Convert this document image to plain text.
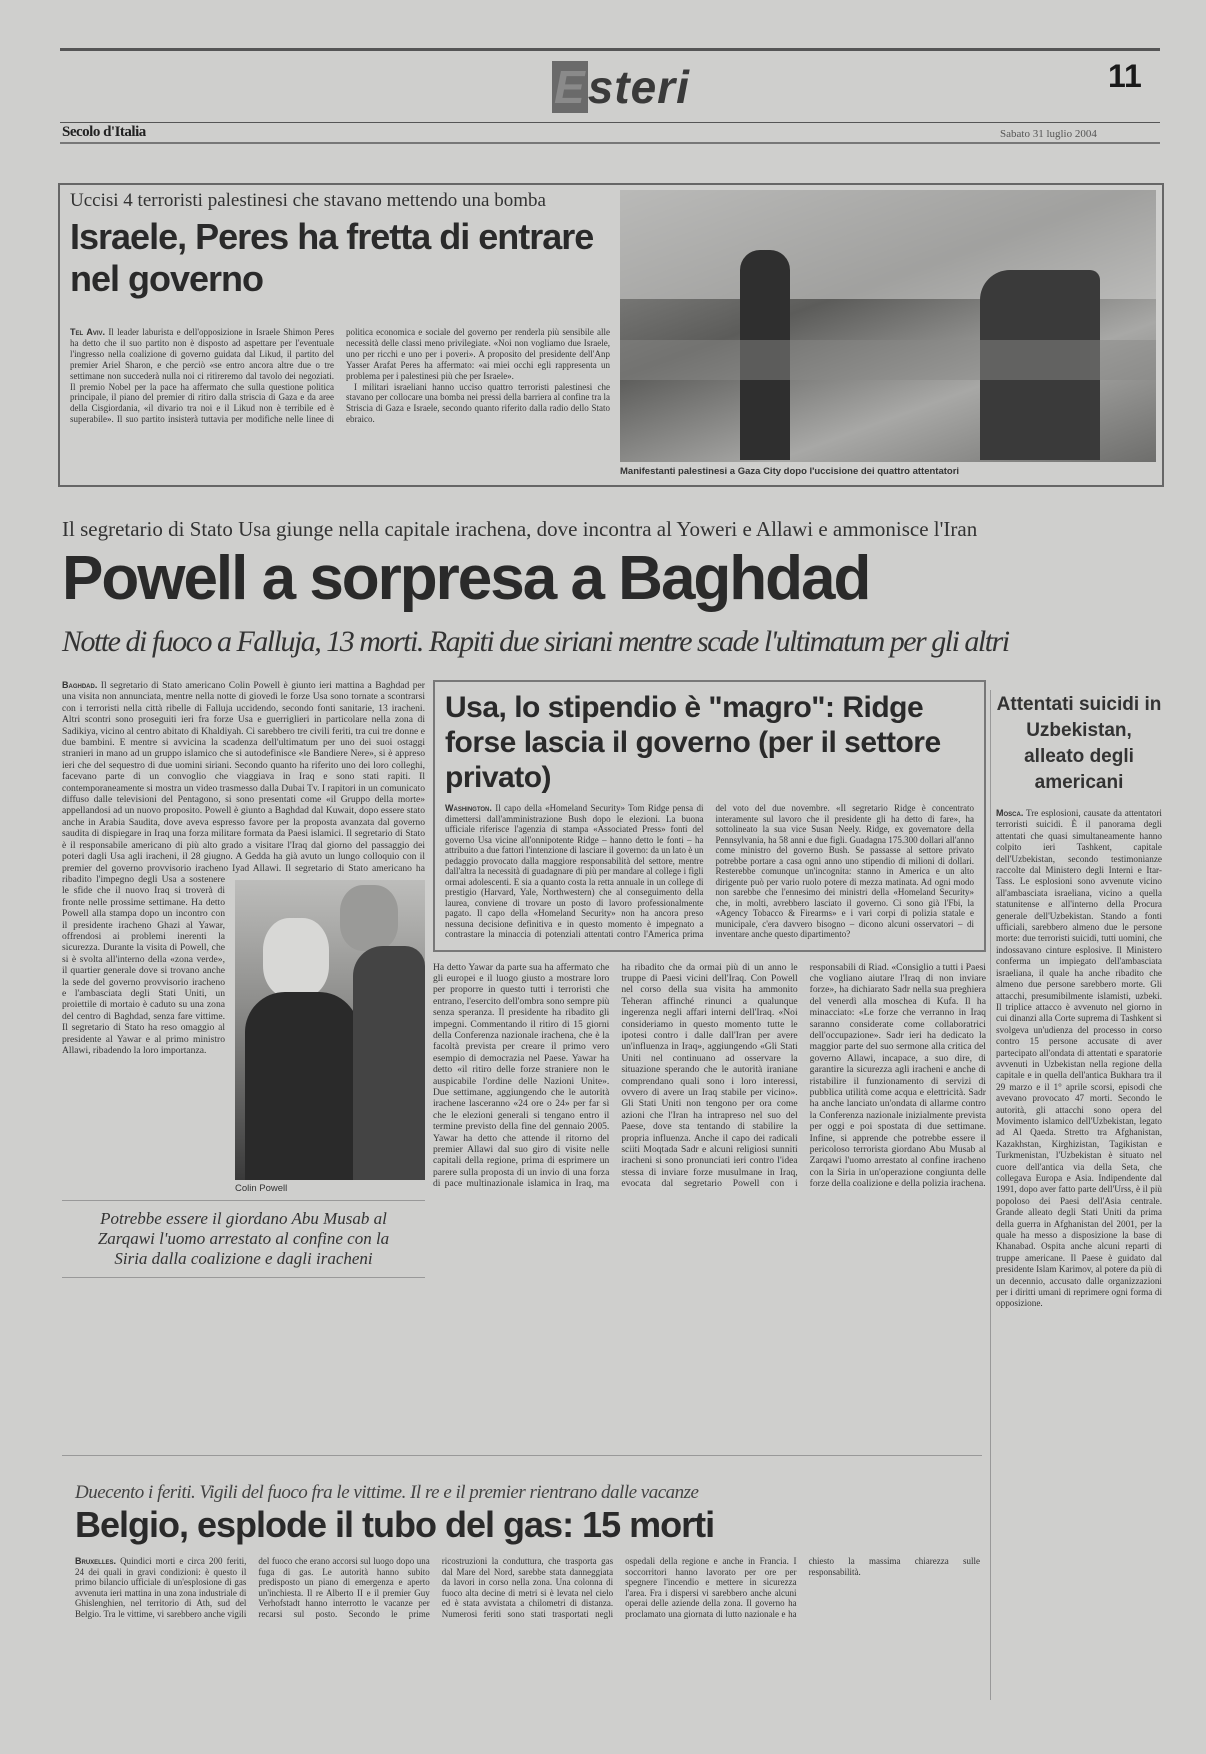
Esteri	11
Secolo d'Italia	Sabato 31 luglio 2004
Uccisi 4 terroristi palestinesi che stavano mettendo una bomba
Israele, Peres ha fretta di entrare nel governo

Tel Aviv. Il leader laburista e dell'opposizione in Israele Shimon Peres ha detto che il suo partito non è disposto ad aspettare per l'eventuale l'ingresso nella coalizione di governo guidata dal Likud, il partito del premier Ariel Sharon, e che perciò «se entro ancora altre due o tre settimane non succederà nulla noi ci ritireremo dal tavolo dei negoziati. Il premio Nobel per la pace ha affermato che sulla questione politica principale, il piano del premier di ritiro dalla striscia di Gaza e da aree della Cisgiordania, «il divario tra noi e il Likud non è terribile ed è superabile». Il suo partito insisterà tuttavia per modifiche nelle linee di politica economica e sociale del governo per renderla più sensibile alle necessità delle classi meno privilegiate. «Noi non vogliamo due Israele, uno per ricchi e uno per i poveri». A proposito del presidente dell'Anp Yasser Arafat Peres ha affermato: «ai miei occhi egli rappresenta un problema per i palestinesi più che per Israele».

I militari israeliani hanno ucciso quattro terroristi palestinesi che stavano per collocare una bomba nei pressi della barriera al confine tra la Striscia di Gaza e Israele, secondo quanto riferito dalla radio dello Stato ebraico.

Manifestanti palestinesi a Gaza City dopo l'uccisione dei quattro attentatori
Il segretario di Stato Usa giunge nella capitale irachena, dove incontra al Yoweri e Allawi e ammonisce l'Iran
Powell a sorpresa a Baghdad
Notte di fuoco a Falluja, 13 morti. Rapiti due siriani mentre scade l'ultimatum per gli altri
Colin Powell

Baghdad. Il segretario di Stato americano Colin Powell è giunto ieri mattina a Baghdad per una visita non annunciata, mentre nella notte di giovedì le forze Usa sono tornate a scontrarsi con i terroristi nella città ribelle di Falluja uccidendo, secondo fonti sanitarie, 13 iracheni. Altri scontri sono proseguiti ieri fra forze Usa e guerriglieri in particolare nella zona di Sadikiya, vicino al centro abitato di Khaldiyah. Ci sarebbero tre civili feriti, tra cui tre donne e due bambini. E mentre si avvicina la scadenza dell'ultimatum per uno dei suoi ostaggi stranieri in mano ad un gruppo islamico che si autodefinisce «le Bandiere Nere», si è appreso ieri che del sequestro di due uomini siriani. Secondo quanto ha riferito uno dei loro colleghi, facevano parte di un convoglio che viaggiava in Iraq e sono stati rapiti. Il contemporaneamente si mostra un video trasmesso dalla Dubai Tv. I rapitori in un comunicato diffuso dalle televisioni del Pentagono, si sono presentati come «il Gruppo della morte» appellandosi ad un nuovo proposito. Powell è giunto a Baghdad dal Kuwait, dopo essere stato anche in Arabia Saudita, dove aveva espresso favore per la proposta avanzata dal governo saudita di dispiegare in Iraq una forza militare formata da Paesi islamici. Il segretario di Stato è il responsabile americano di più alto grado a visitare l'Iraq dal giorno del passaggio dei poteri dagli Usa agli iracheni, il 28 giugno. A Gedda ha già avuto un lungo colloquio con il premier del governo provvisorio iracheno Iyad Allawi. Il segretario di Stato americano ha ribadito l'impegno degli Usa a sostenere le sfide che il nuovo Iraq si troverà di fronte nelle prossime settimane. Ha detto Powell alla stampa dopo un incontro con il presidente iracheno Ghazi al Yawar, offrendosi ai problemi inerenti la sicurezza. Durante la visita di Powell, che si è svolta all'interno della «zona verde», il quartier generale dove si trovano anche la sede del governo provvisorio iracheno e l'ambasciata degli Stati Uniti, un proiettile di mortaio è caduto su una zona del centro di Baghdad, senza fare vittime. Il segretario di Stato ha reso omaggio al presidente al Yawar e al primo ministro Allawi, ribadendo la loro importanza.

Potrebbe essere il giordano Abu Musab al Zarqawi l'uomo arrestato al confine con la Siria dalla coalizione e dagli iracheni
Usa, lo stipendio è "magro": Ridge forse lascia il governo (per il settore privato)

Washington. Il capo della «Homeland Security» Tom Ridge pensa di dimettersi dall'amministrazione Bush dopo le elezioni. La buona ufficiale riferisce l'agenzia di stampa «Associated Press» fonti del governo Usa vicine all'onnipotente Ridge – hanno detto le fonti – ha attribuito a due fattori l'intenzione di lasciare il governo: da un lato è un pedaggio provocato dalla maggiore responsabilità del settore, mentre dall'altra la necessità di guadagnare di più per mandare al college i figli ormai adolescenti. E sia a quanto costa la retta annuale in un college di prestigio (Harvard, Yale, Northwestern) che al conseguimento della laurea, conviene di trovare un posto di lavoro professionalmente pagato. Il capo della «Homeland Security» non ha ancora preso nessuna decisione definitiva e in questo momento è impegnato a contrastare la minaccia di potenziali attentati contro l'America prima del voto del due novembre. «Il segretario Ridge è concentrato interamente sul lavoro che il presidente gli ha detto di fare», ha sottolineato la sua vice Susan Neely. Ridge, ex governatore della Pennsylvania, ha 58 anni e due figli. Guadagna 175.300 dollari all'anno come ministro del governo Bush. Se passasse al settore privato potrebbe portare a casa ogni anno uno stipendio di milioni di dollari. Resterebbe comunque un'incognita: stanno in America e un alto dirigente può per vario ruolo potere di mezza matinata. Ad ogni modo non sarebbe che l'ennesimo dei ministri della «Homeland Security» che, in molti, avrebbero lasciato il governo. Ci sono già l'Fbi, la «Agency Tobacco & Firearms» e i vari corpi di polizia statale e municipale, c'era davvero bisogno – dicono alcuni osservatori – di inventare anche questo dipartimento?

Ha detto Yawar da parte sua ha affermato che gli europei e il luogo giusto a mostrare loro per proporre in questo tutti i terroristi che entrano, l'esercito dell'ombra sono sempre più senza speranza. Il presidente ha ribadito gli impegni. Commentando il ritiro di 15 giorni della Conferenza nazionale irachena, che è la facoltà prevista per creare il primo vero esempio di democrazia nel Paese. Yawar ha detto «il ritiro delle forze straniere non le auspicabile l'ordine delle Nazioni Unite». Due settimane, aggiungendo che le autorità irachene lasceranno «24 ore o 24» per far sì che le elezioni generali si tengano entro il termine previsto della fine del gennaio 2005. Yawar ha detto che attende il ritorno del premier Allawi dal suo giro di visite nelle capitali della regione, prima di esprimere un parere sulla proposta di un invio di una forza di pace multinazionale islamica in Iraq, ma ha ribadito che da ormai più di un anno le truppe di Paesi vicini dell'Iraq. Con Powell nel corso della sua visita ha ammonito Teheran affinché rinunci a qualunque ingerenza negli affari interni dell'Iraq. «Noi consideriamo in questo momento tutte le ipotesi contro i dalle dall'Iran per avere un'influenza in Iraq», aggiungendo «Gli Stati Uniti nel continuano ad osservare la situazione sperando che le autorità iraniane comprendano quali sono i loro interessi, ovvero di avere un Iraq stabile per vicino». Gli Stati Uniti non tengono per ora come azioni che l'Iran ha intrapreso nel suo del Paese, dove sta tentando di stabilire la propria influenza. Anche il capo dei radicali sciiti Moqtada Sadr e alcuni religiosi sunniti iracheni si sono pronunciati ieri contro l'idea stessa di inviare forze musulmane in Iraq, evocata dal segretario Powell con i responsabili di Riad. «Consiglio a tutti i Paesi che vogliano aiutare l'Iraq di non inviare forze», ha dichiarato Sadr nella sua preghiera del venerdì alla moschea di Kufa. Il ha minacciato: «Le forze che verranno in Iraq saranno considerate come collaboratrici dell'occupazione». Sadr ieri ha dedicato la maggior parte del suo sermone alla critica del governo Allawi, incapace, a suo dire, di garantire la sicurezza agli iracheni e anche di ristabilire il funzionamento di servizi di pubblica utilità come acqua e elettricità. Sadr ha anche lanciato un'ondata di allarme contro la Conferenza nazionale inizialmente prevista per oggi e poi spostata di due settimane. Infine, si apprende che potrebbe essere il pericoloso terrorista giordano Abu Musab al Zarqawi l'uomo arrestato al confine iracheno con la Siria in un'operazione congiunta delle forze della coalizione e della polizia irachena.

Attentati suicidi in Uzbekistan, alleato degli americani

Mosca. Tre esplosioni, causate da attentatori terroristi suicidi. È il panorama degli attentati che quasi simultaneamente hanno colpito ieri Tashkent, capitale dell'Uzbekistan, secondo testimonianze raccolte dal Ministero degli Interni e Itar-Tass. Le esplosioni sono avvenute vicino all'ambasciata israeliana, vicino a quella statunitense e all'interno della Procura generale dell'Uzbekistan. Stando a fonti ufficiali, sarebbero almeno due le persone morte: due terroristi suicidi, tutti uomini, che indossavano cinture esplosive. Il Ministero conferma un impiegato dell'ambasciata israeliana, il quale ha anche ribadito che almeno due persone sarebbero morte. Gli attacchi, presumibilmente islamisti, uzbeki. Il triplice attacco è avvenuto nel giorno in cui dinanzi alla Corte suprema di Tashkent si svolgeva un'udienza del processo in corso contro 15 persone accusate di aver partecipato all'ondata di attentati e sparatorie avvenuti in Uzbekistan nella regione della capitale e in quella dell'antica Bukhara tra il 29 marzo e il 1° aprile scorsi, episodi che avevano provocato 47 morti. Secondo le autorità, gli attacchi sono opera del Movimento islamico dell'Uzbekistan, legato ad Al Qaeda. Stretto tra Afghanistan, Kazakhstan, Kirghizistan, Tagikistan e Turkmenistan, l'Uzbekistan è situato nel cuore dell'antica via della Seta, che collegava Europa e Asia. Indipendente dal 1991, dopo aver fatto parte dell'Urss, è il più popoloso dei Paesi dell'Asia centrale. Grande alleato degli Stati Uniti da prima della guerra in Afghanistan del 2001, per la quale ha messo a disposizione la base di Khanabad. Ospita anche alcuni reparti di truppe americane. Il Paese è guidato dal presidente Islam Karimov, al potere da più di un decennio, accusato dalle organizzazioni per i diritti umani di reprimere ogni forma di opposizione.

Duecento i feriti. Vigili del fuoco fra le vittime. Il re e il premier rientrano dalle vacanze
Belgio, esplode il tubo del gas: 15 morti

Bruxelles. Quindici morti e circa 200 feriti, 24 dei quali in gravi condizioni: è questo il primo bilancio ufficiale di un'esplosione di gas avvenuta ieri mattina in una zona industriale di Ghislenghien, nel territorio di Ath, sud del Belgio. Tra le vittime, vi sarebbero anche vigili del fuoco che erano accorsi sul luogo dopo una fuga di gas. Le autorità hanno subito predisposto un piano di emergenza e aperto un'inchiesta. Il re Alberto II e il premier Guy Verhofstadt hanno interrotto le vacanze per recarsi sul posto. Secondo le prime ricostruzioni la conduttura, che trasporta gas dal Mare del Nord, sarebbe stata danneggiata da lavori in corso nella zona. Una colonna di fuoco alta decine di metri si è levata nel cielo ed è stata avvistata a chilometri di distanza. Numerosi feriti sono stati trasportati negli ospedali della regione e anche in Francia. I soccorritori hanno lavorato per ore per spegnere l'incendio e mettere in sicurezza l'area. Fra i dispersi vi sarebbero anche alcuni operai delle aziende della zona. Il governo ha proclamato una giornata di lutto nazionale e ha chiesto la massima chiarezza sulle responsabilità.
